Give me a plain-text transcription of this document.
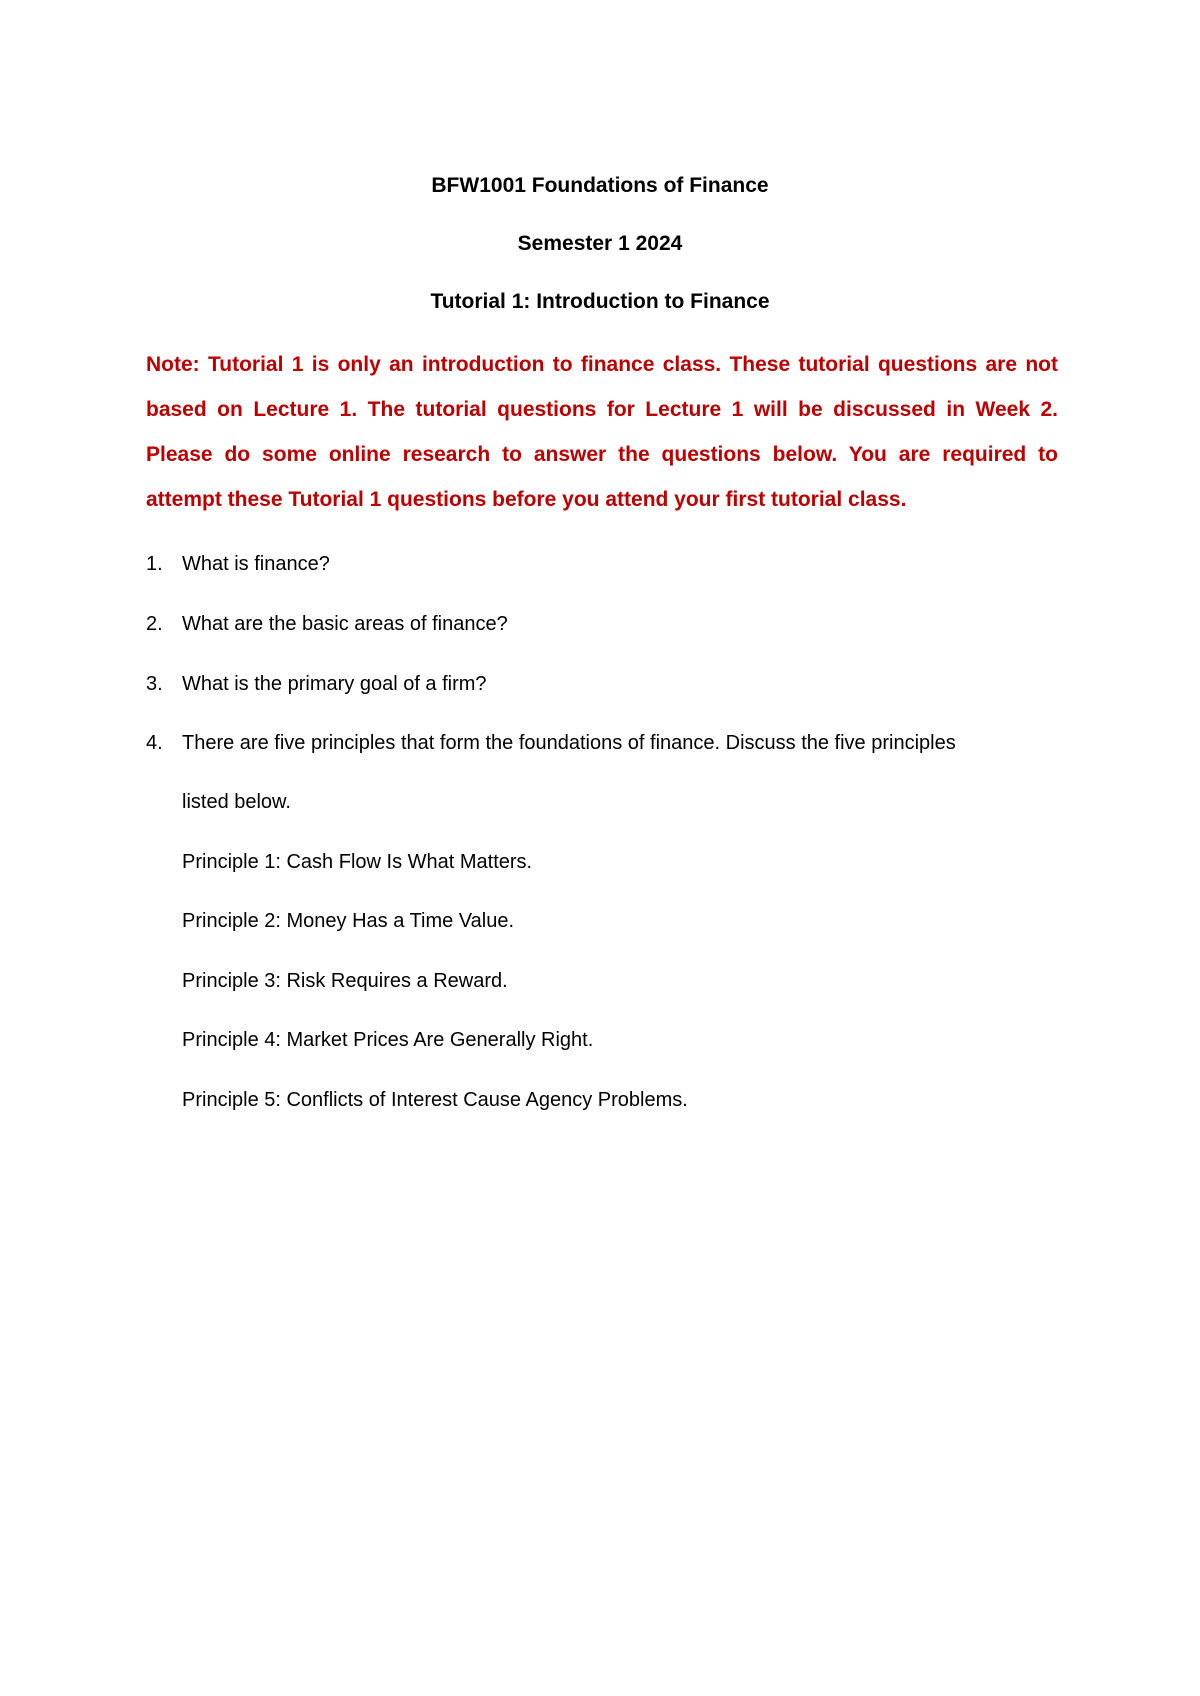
BFW1001 Foundations of Finance
Semester 1 2024
Tutorial 1: Introduction to Finance
Note: Tutorial 1 is only an introduction to finance class. These tutorial questions are not based on Lecture 1. The tutorial questions for Lecture 1 will be discussed in Week 2. Please do some online research to answer the questions below. You are required to attempt these Tutorial 1 questions before you attend your first tutorial class.
1. What is finance?
2. What are the basic areas of finance?
3. What is the primary goal of a firm?
4. There are five principles that form the foundations of finance. Discuss the five principles
listed below.
Principle 1: Cash Flow Is What Matters.
Principle 2: Money Has a Time Value.
Principle 3: Risk Requires a Reward.
Principle 4: Market Prices Are Generally Right.
Principle 5: Conflicts of Interest Cause Agency Problems.
